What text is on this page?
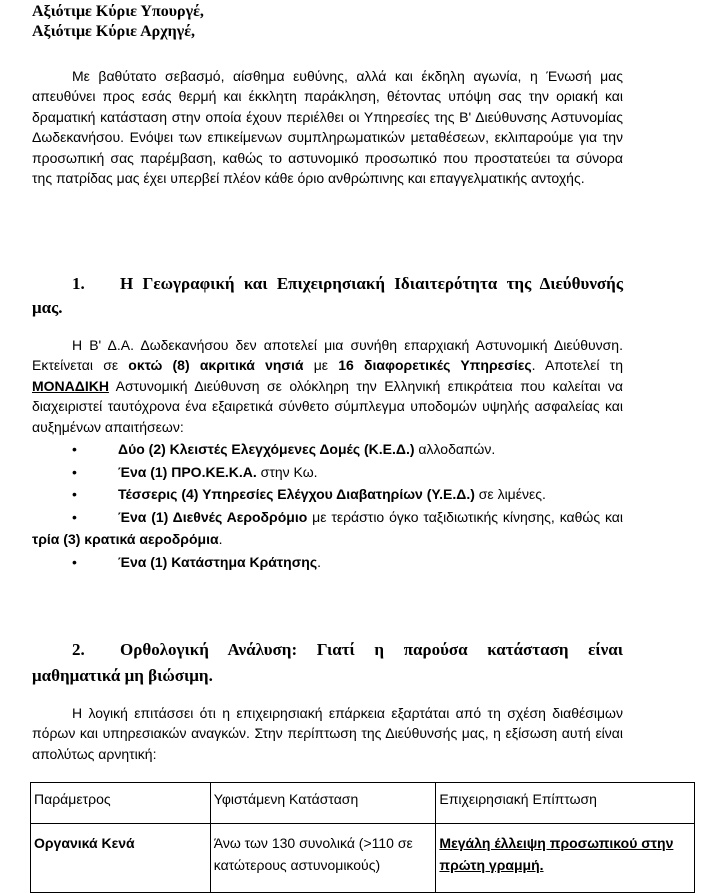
Αξιότιμε Κύριε Υπουργέ,

Αξιότιμε Κύριε Αρχηγέ,

Με βαθύτατο σεβασμό, αίσθημα ευθύνης, αλλά και έκδηλη αγωνία, η Ένωσή μας απευθύνει προς εσάς θερμή και έκκλητη παράκληση, θέτοντας υπόψη σας την οριακή και δραματική κατάσταση στην οποία έχουν περιέλθει οι Υπηρεσίες της Β' Διεύθυνσης Αστυνομίας Δωδεκανήσου. Ενόψει των επικείμενων συμπληρωματικών μεταθέσεων, εκλιπαρούμε για την προσωπική σας παρέμβαση, καθώς το αστυνομικό προσωπικό που προστατεύει τα σύνορα της πατρίδας μας έχει υπερβεί πλέον κάθε όριο ανθρώπινης και επαγγελματικής αντοχής.

1. Η Γεωγραφική και Επιχειρησιακή Ιδιαιτερότητα της Διεύθυνσής
μας.

Η Β' Δ.Α. Δωδεκανήσου δεν αποτελεί μια συνήθη επαρχιακή Αστυνομική Διεύθυνση. Εκτείνεται σε οκτώ (8) ακριτικά νησιά με 16 διαφορετικές Υπηρεσίες. Αποτελεί τη ΜΟΝΑΔΙΚΗ Αστυνομική Διεύθυνση σε ολόκληρη την Ελληνική επικράτεια που καλείται να διαχειριστεί ταυτόχρονα ένα εξαιρετικά σύνθετο σύμπλεγμα υποδομών υψηλής ασφαλείας και αυξημένων απαιτήσεων:

•	Δύο (2) Κλειστές Ελεγχόμενες Δομές (Κ.Ε.Δ.) αλλοδαπών.
•	Ένα (1) ΠΡΟ.ΚΕ.Κ.Α. στην Κω.
•	Τέσσερις (4) Υπηρεσίες Ελέγχου Διαβατηρίων (Υ.Ε.Δ.) σε λιμένες.
•	Ένα (1) Διεθνές Αεροδρόμιο με τεράστιο όγκο ταξιδιωτικής κίνησης, καθώς και τρία (3) κρατικά αεροδρόμια.
•	Ένα (1) Κατάστημα Κράτησης.
2. Ορθολογική Ανάλυση: Γιατί η παρούσα κατάσταση είναι
μαθηματικά μη βιώσιμη.

Η λογική επιτάσσει ότι η επιχειρησιακή επάρκεια εξαρτάται από τη σχέση διαθέσιμων πόρων και υπηρεσιακών αναγκών. Στην περίπτωση της Διεύθυνσής μας, η εξίσωση αυτή είναι απολύτως αρνητική:

Παράμετρος	Υφιστάμενη Κατάσταση	Επιχειρησιακή Επίπτωση
Οργανικά Κενά	Άνω των 130 συνολικά (>110 σε κατώτερους αστυνομικούς)	Μεγάλη έλλειψη προσωπικού στην πρώτη γραμμή.
